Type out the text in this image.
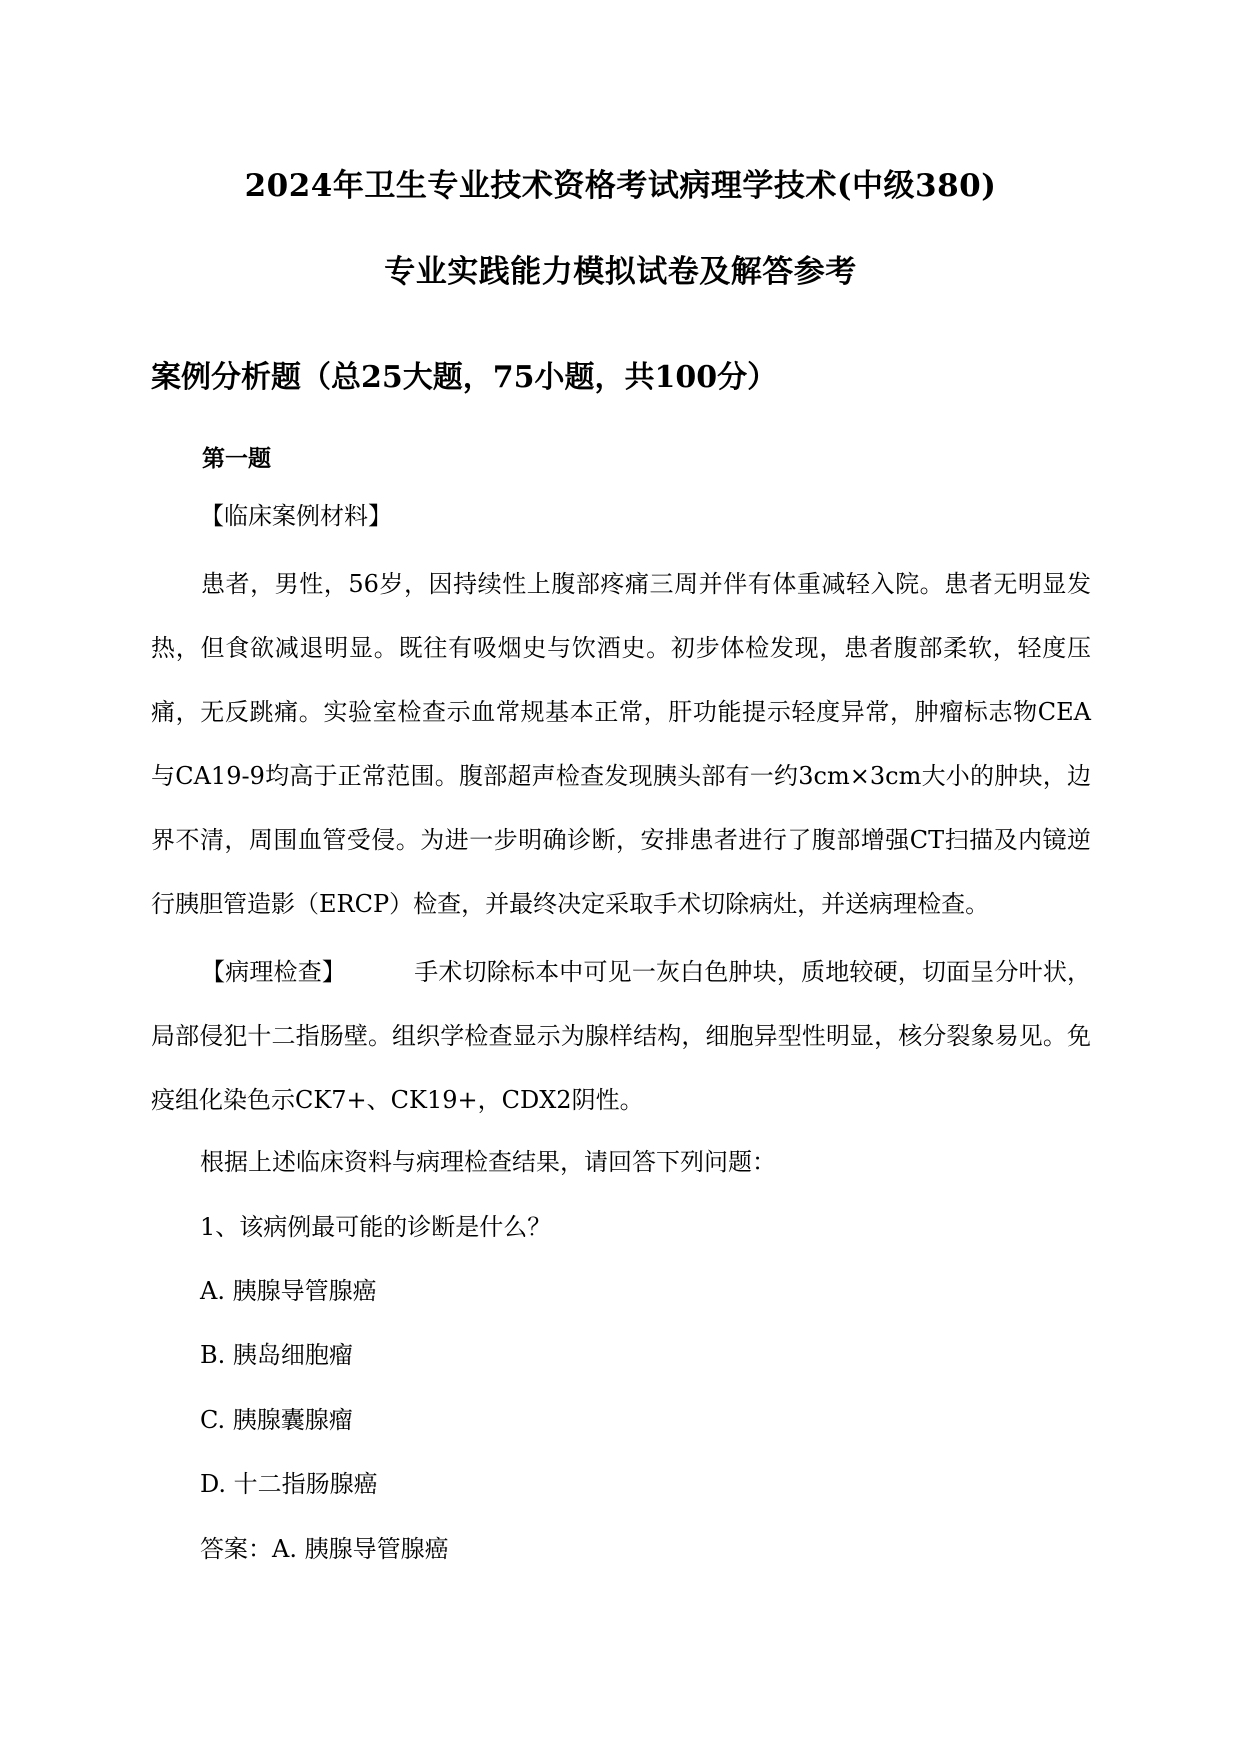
2024年卫生专业技术资格考试病理学技术(中级380)
专业实践能力模拟试卷及解答参考
案例分析题（总25大题，75小题，共100分）
第一题
【临床案例材料】

患者，男性，56岁，因持续性上腹部疼痛三周并伴有体重减轻入院。患者无明显发热，但食欲减退明显。既往有吸烟史与饮酒史。初步体检发现，患者腹部柔软，轻度压痛，无反跳痛。实验室检查示血常规基本正常，肝功能提示轻度异常，肿瘤标志物CEA与CA19-9均高于正常范围。腹部超声检查发现胰头部有一约3cm×3cm大小的肿块，边界不清，周围血管受侵。为进一步明确诊断，安排患者进行了腹部增强CT扫描及内镜逆行胰胆管造影（ERCP）检查，并最终决定采取手术切除病灶，并送病理检查。

【病理检查】	手术切除标本中可见一灰白色肿块，质地较硬，切面呈分叶状，局部侵犯十二指肠壁。组织学检查显示为腺样结构，细胞异型性明显，核分裂象易见。免疫组化染色示CK7+、CK19+，CDX2阴性。

根据上述临床资料与病理检查结果，请回答下列问题：
1、该病例最可能的诊断是什么？
A. 胰腺导管腺癌
B. 胰岛细胞瘤
C. 胰腺囊腺瘤
D. 十二指肠腺癌
答案：A. 胰腺导管腺癌
